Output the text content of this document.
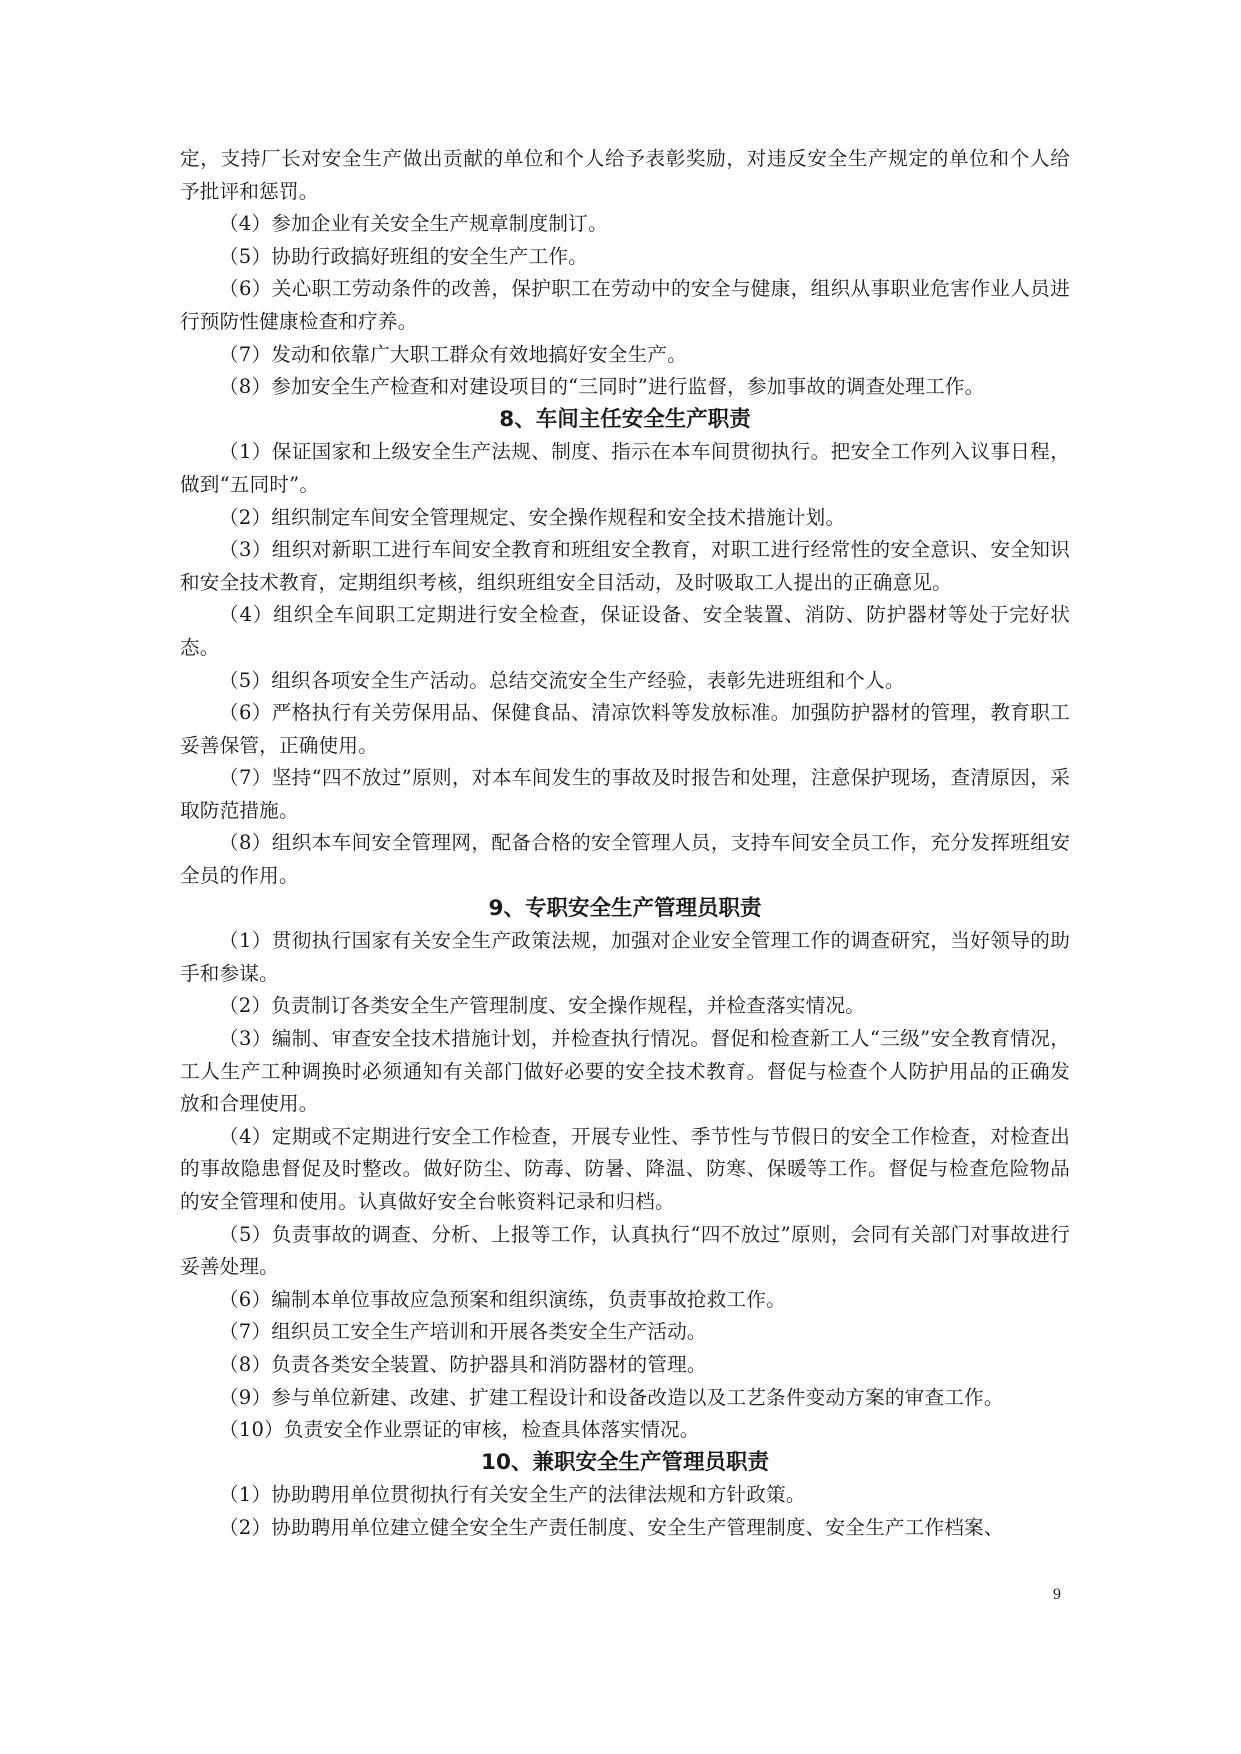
定，支持厂长对安全生产做出贡献的单位和个人给予表彰奖励，对违反安全生产规定的单位和个人给予批评和惩罚。

（4）参加企业有关安全生产规章制度制订。

（5）协助行政搞好班组的安全生产工作。

（6）关心职工劳动条件的改善，保护职工在劳动中的安全与健康，组织从事职业危害作业人员进行预防性健康检查和疗养。

（7）发动和依靠广大职工群众有效地搞好安全生产。

（8）参加安全生产检查和对建设项目的“三同时”进行监督，参加事故的调查处理工作。

8、车间主任安全生产职责

（1）保证国家和上级安全生产法规、制度、指示在本车间贯彻执行。把安全工作列入议事日程，做到“五同时”。

（2）组织制定车间安全管理规定、安全操作规程和安全技术措施计划。

（3）组织对新职工进行车间安全教育和班组安全教育，对职工进行经常性的安全意识、安全知识和安全技术教育，定期组织考核，组织班组安全目活动，及时吸取工人提出的正确意见。

（4）组织全车间职工定期进行安全检查，保证设备、安全装置、消防、防护器材等处于完好状态。

（5）组织各项安全生产活动。总结交流安全生产经验，表彰先进班组和个人。

（6）严格执行有关劳保用品、保健食品、清凉饮料等发放标准。加强防护器材的管理，教育职工妥善保管，正确使用。

（7）坚持“四不放过”原则，对本车间发生的事故及时报告和处理，注意保护现场，查清原因，采取防范措施。

（8）组织本车间安全管理网，配备合格的安全管理人员，支持车间安全员工作，充分发挥班组安全员的作用。

9、专职安全生产管理员职责

（1）贯彻执行国家有关安全生产政策法规，加强对企业安全管理工作的调查研究，当好领导的助手和参谋。

（2）负责制订各类安全生产管理制度、安全操作规程，并检查落实情况。

（3）编制、审查安全技术措施计划，并检查执行情况。督促和检查新工人“三级”安全教育情况，工人生产工种调换时必须通知有关部门做好必要的安全技术教育。督促与检查个人防护用品的正确发放和合理使用。

（4）定期或不定期进行安全工作检查，开展专业性、季节性与节假日的安全工作检查，对检查出的事故隐患督促及时整改。做好防尘、防毒、防暑、降温、防寒、保暖等工作。督促与检查危险物品的安全管理和使用。认真做好安全台帐资料记录和归档。

（5）负责事故的调查、分析、上报等工作，认真执行“四不放过”原则，会同有关部门对事故进行妥善处理。

（6）编制本单位事故应急预案和组织演练，负责事故抢救工作。

（7）组织员工安全生产培训和开展各类安全生产活动。

（8）负责各类安全装置、防护器具和消防器材的管理。

（9）参与单位新建、改建、扩建工程设计和设备改造以及工艺条件变动方案的审查工作。

（10）负责安全作业票证的审核，检查具体落实情况。

10、兼职安全生产管理员职责

（1）协助聘用单位贯彻执行有关安全生产的法律法规和方针政策。

（2）协助聘用单位建立健全安全生产责任制度、安全生产管理制度、安全生产工作档案、

9
